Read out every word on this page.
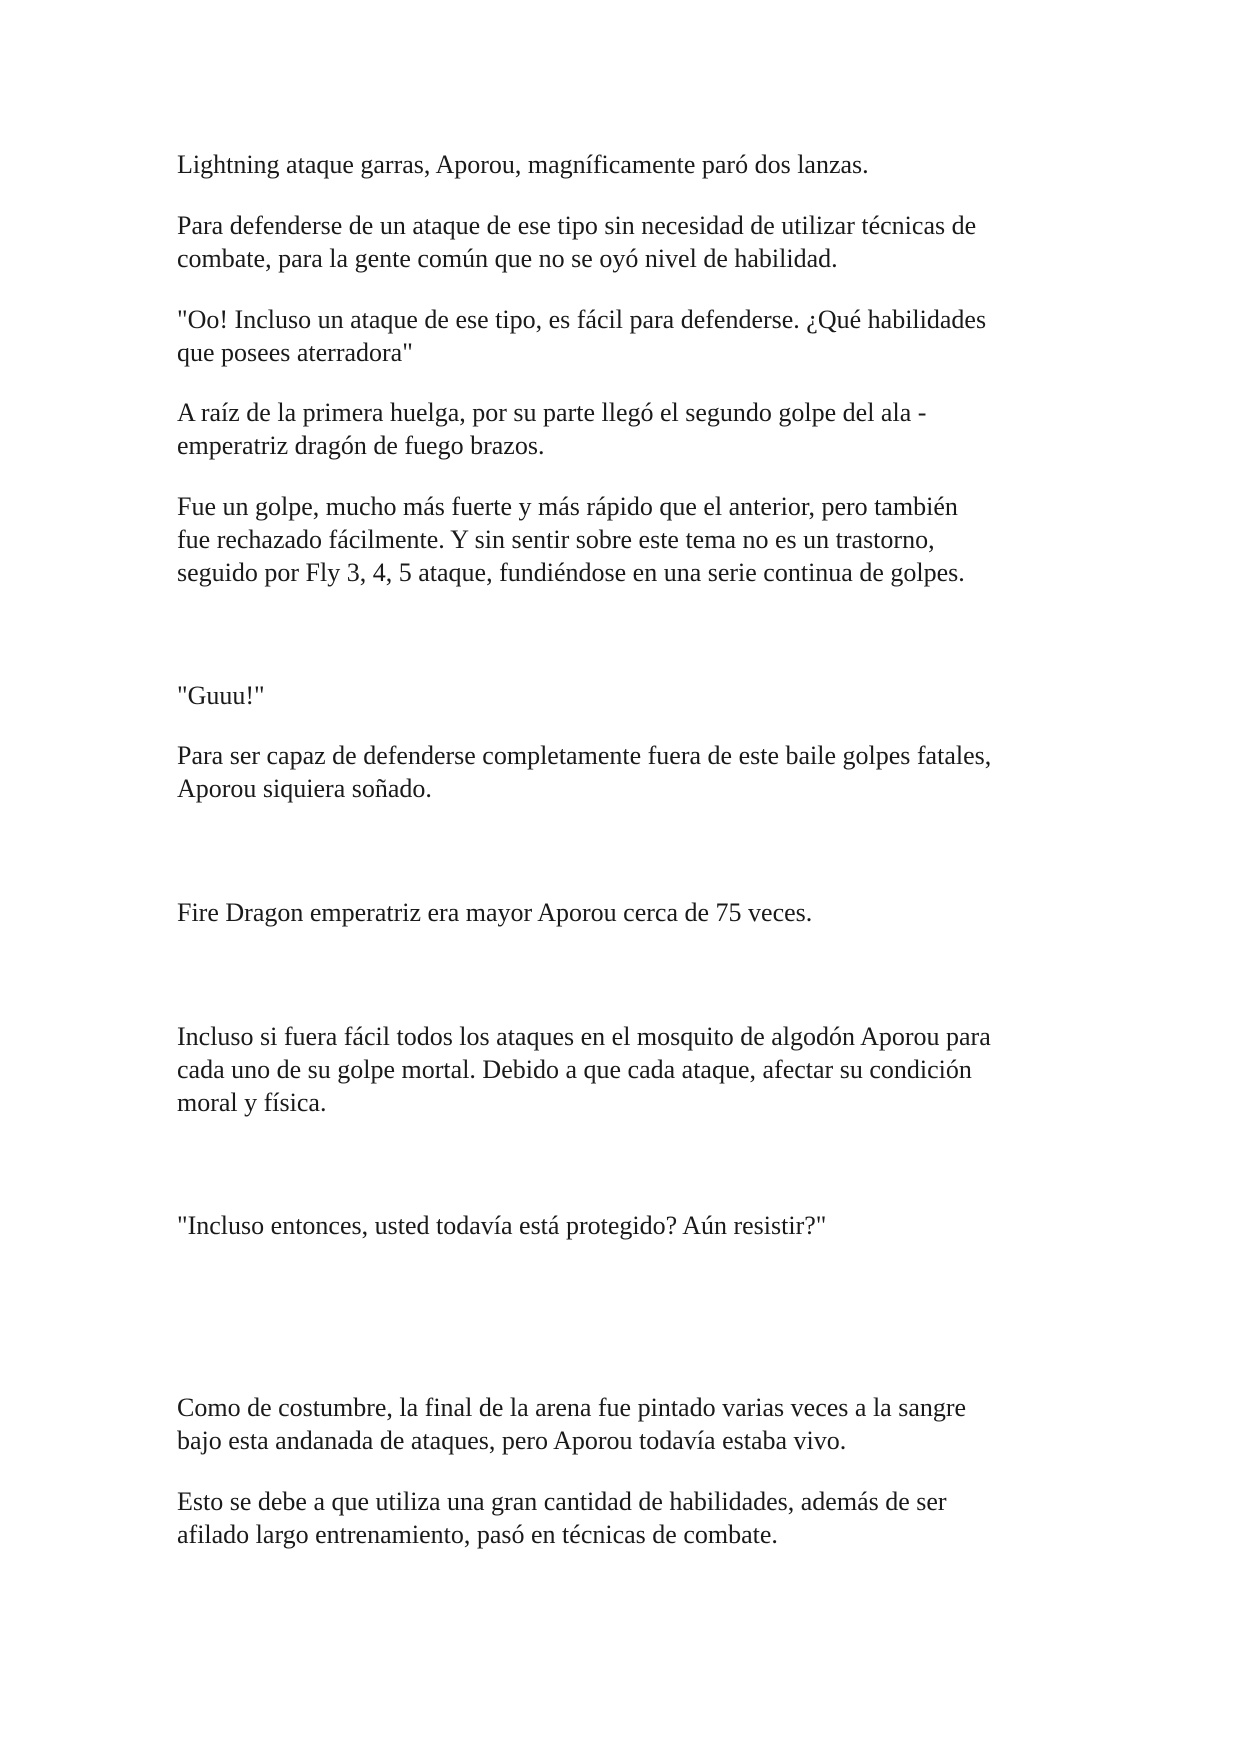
Lightning ataque garras, Aporou, magníficamente paró dos lanzas.

Para defenderse de un ataque de ese tipo sin necesidad de utilizar técnicas de
combate, para la gente común que no se oyó nivel de habilidad.

"Oo! Incluso un ataque de ese tipo, es fácil para defenderse. ¿Qué habilidades
que posees aterradora"

A raíz de la primera huelga, por su parte llegó el segundo golpe del ala -
emperatriz dragón de fuego brazos.

Fue un golpe, mucho más fuerte y más rápido que el anterior, pero también
fue rechazado fácilmente. Y sin sentir sobre este tema no es un trastorno,
seguido por Fly 3, 4, 5 ataque, fundiéndose en una serie continua de golpes.

"Guuu!"

Para ser capaz de defenderse completamente fuera de este baile golpes fatales,
Aporou siquiera soñado.

Fire Dragon emperatriz era mayor Aporou cerca de 75 veces.

Incluso si fuera fácil todos los ataques en el mosquito de algodón Aporou para
cada uno de su golpe mortal. Debido a que cada ataque, afectar su condición
moral y física.

"Incluso entonces, usted todavía está protegido? Aún resistir?"

Como de costumbre, la final de la arena fue pintado varias veces a la sangre
bajo esta andanada de ataques, pero Aporou todavía estaba vivo.

Esto se debe a que utiliza una gran cantidad de habilidades, además de ser
afilado largo entrenamiento, pasó en técnicas de combate.
